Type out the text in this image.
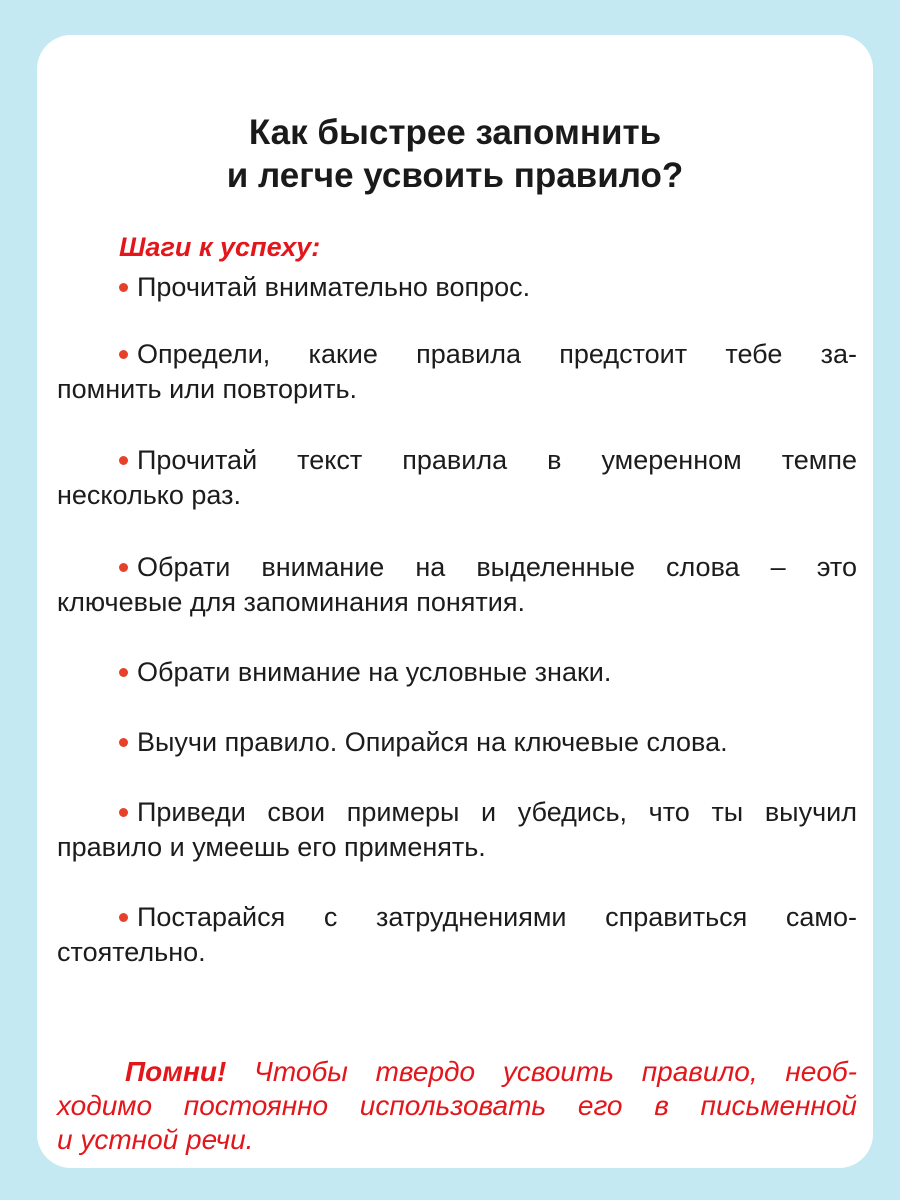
Как быстрее запомнить
и легче усвоить правило?
Шаги к успеху:
Прочитай внимательно вопрос.
Определи, какие правила предстоит тебе за-
помнить или повторить.
Прочитай текст правила в умеренном темпе
несколько раз.
Обрати внимание на выделенные слова – это
ключевые для запоминания понятия.
Обрати внимание на условные знаки.
Выучи правило. Опирайся на ключевые слова.
Приведи свои примеры и убедись, что ты выучил
правило и умеешь его применять.
Постарайся с затруднениями справиться само-
стоятельно.
Помни! Чтобы твердо усвоить правило, необ-
ходимо постоянно использовать его в письменной
и устной речи.
